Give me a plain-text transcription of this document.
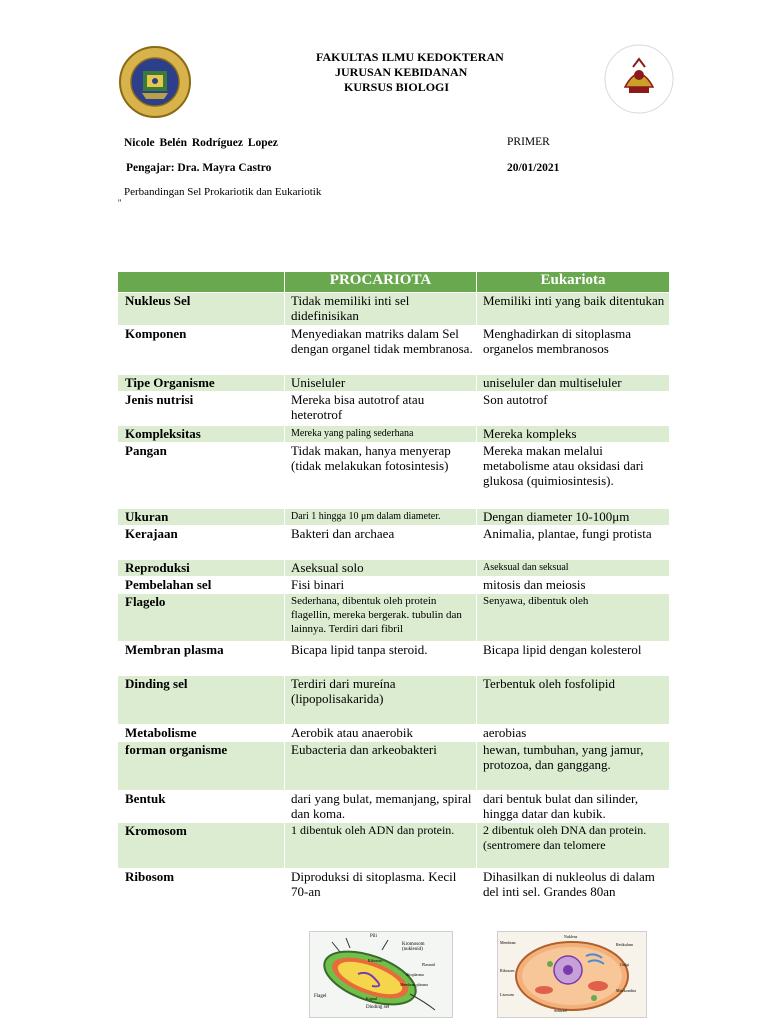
FAKULTAS ILMU KEDOKTERAN
JURUSAN KEBIDANAN
KURSUS BIOLOGI
Nicole Belén Rodríguez Lopez	PRIMER
Pengajar: Dra. Mayra Castro	20/01/2021
Perbandingan Sel Prokariotik dan Eukariotik
''
	PROCARIOTA	Eukariota
Nukleus Sel	Tidak memiliki inti sel didefinisikan	Memiliki inti yang baik ditentukan
Komponen	Menyediakan matriks dalam Sel dengan organel tidak membranosa.	Menghadirkan di sitoplasma organelos membranosos
Tipe Organisme	Uniseluler	uniseluler dan multiseluler
Jenis nutrisi	Mereka bisa autotrof atau heterotrof	Son autotrof
Kompleksitas	Mereka yang paling sederhana	Mereka kompleks
Pangan	Tidak makan, hanya menyerap (tidak melakukan fotosintesis)	Mereka makan melalui metabolisme atau oksidasi dari glukosa (quimiosintesis).
Ukuran	Dari 1 hingga 10 μm dalam diameter.	Dengan diameter 10-100μm
Kerajaan	Bakteri dan archaea	Animalia, plantae, fungi protista
Reproduksi	Aseksual solo	Aseksual dan seksual
Pembelahan sel	Fisi binari	mitosis dan meiosis
Flagelo	Sederhana, dibentuk oleh protein flagellin, mereka bergerak. tubulin dan lainnya. Terdiri dari fibril	Senyawa, dibentuk oleh
Membran plasma	Bicapa lipid tanpa steroid.	Bicapa lipid dengan kolesterol
Dinding sel	Terdiri dari mureína (lipopolisakarida)	Terbentuk oleh fosfolipid
Metabolisme	Aerobik atau anaerobik	aerobias
forman organisme	Eubacteria dan arkeobakteri	hewan, tumbuhan, yang jamur, protozoa, dan ganggang.
Bentuk	dari yang bulat, memanjang, spiral dan koma.	dari bentuk bulat dan silinder, hingga datar dan kubik.
Kromosom	1 dibentuk oleh ADN dan protein.	2 dibentuk oleh DNA dan protein. (sentromere dan telomere
Ribosom	Diproduksi di sitoplasma. Kecil 70-an	Dihasilkan di nukleolus di dalam del inti sel. Grandes 80an
Pili
Kromosom (nukleoid)
Ribosom
Plasmid
Flagel	Kapsul
Dinding sel
Membran plasma
Sitoplasma
Membran
Nukleus
Ribosom
Retikulum
Golgi
Lisosom
Mitokondria
Sentriol
